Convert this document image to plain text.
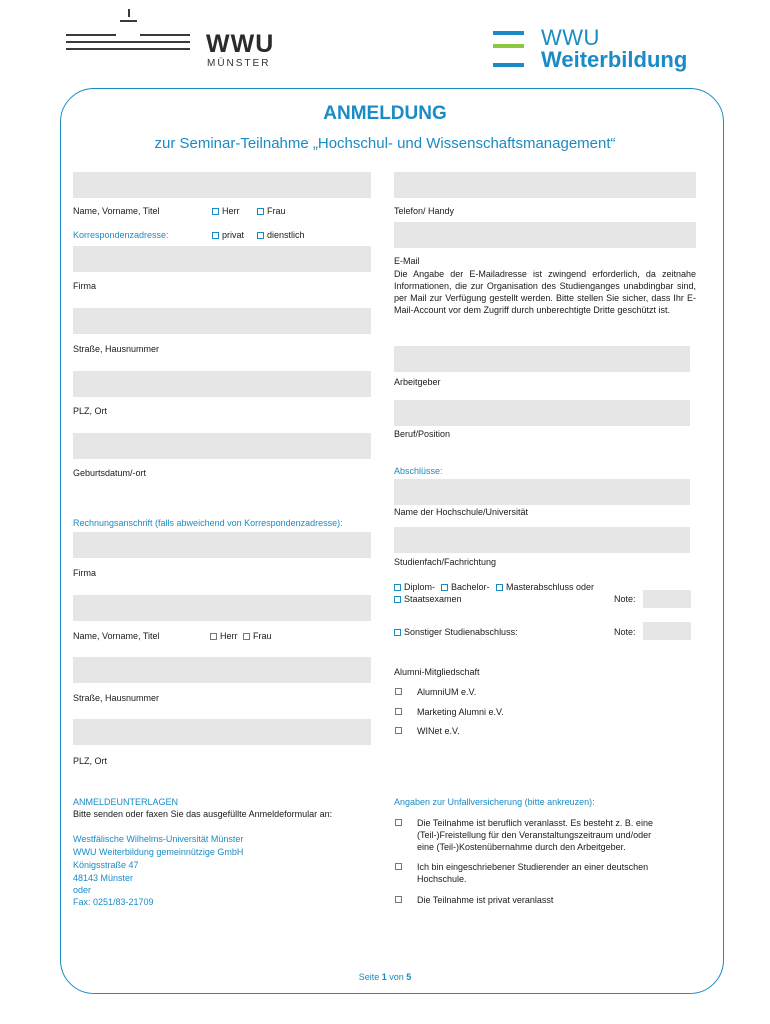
WWU
MÜNSTER
WWU
Weiterbildung
ANMELDUNG
zur Seminar-Teilnahme „Hochschul- und Wissenschaftsmanagement“
Name, Vorname, Titel	Herr	Frau
Korrespondenzadresse:	privat	dienstlich
Firma
Straße, Hausnummer
PLZ, Ort
Geburtsdatum/-ort
Rechnungsanschrift (falls abweichend von Korrespondenzadresse):
Firma
Name, Vorname, Titel	Herr	Frau
Straße, Hausnummer
PLZ, Ort
ANMELDEUNTERLAGEN
Bitte senden oder faxen Sie das ausgefüllte Anmeldeformular an:
Westfälische Wilhelms-Universität Münster
WWU Weiterbildung gemeinnützige GmbH
Königsstraße 47
48143 Münster
oder
Fax: 0251/83-21709
Telefon/ Handy
E-Mail
Die Angabe der E-Mailadresse ist zwingend erforderlich, da zeitnahe Informationen, die zur Organisation des Studienganges unabdingbar sind, per Mail zur Verfügung gestellt werden. Bitte stellen Sie sicher, dass Ihr E-Mail-Account vor dem Zugriff durch unberechtigte Dritte geschützt ist.
Arbeitgeber
Beruf/Position
Abschlüsse:
Name der Hochschule/Universität
Studienfach/Fachrichtung
Diplom-	Bachelor-	Masterabschluss oder
Staatsexamen	Note:
Sonstiger Studienabschluss:	Note:
Alumni-Mitgliedschaft
AlumniUM e.V.
Marketing Alumni e.V.
WINet e.V.
Angaben zur Unfallversicherung (bitte ankreuzen):
Die Teilnahme ist beruflich veranlasst. Es besteht z. B. eine
(Teil-)Freistellung für den Veranstaltungszeitraum und/oder
eine (Teil-)Kostenübernahme durch den Arbeitgeber.
Ich bin eingeschriebener Studierender an einer deutschen
Hochschule.
Die Teilnahme ist privat veranlasst
Seite 1 von 5
